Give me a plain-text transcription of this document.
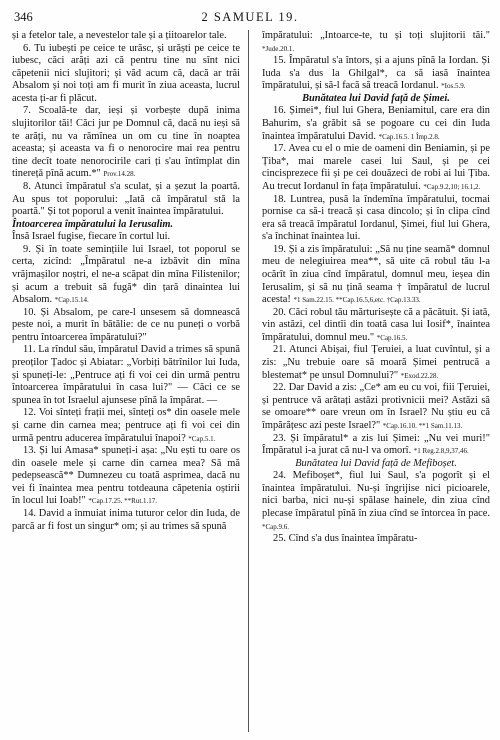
346	2 SAMUEL 19.

și a fetelor tale, a nevestelor tale și a țiitoarelor tale.

6. Tu iubești pe ceice te urăsc, și urăști pe ceice te iubesc, căci arăți azi că pentru tine nu sînt nici căpetenii nici slujitori; și văd acum că, dacă ar trăi Absalom și noi toți am fi murit în ziua aceasta, lucrul acesta ți-ar fi plăcut.

7. Scoală-te dar, ieși și vorbește după inima slujitorilor tăi! Căci jur pe Domnul că, dacă nu ieși să te arăți, nu va rămînea un om cu tine în noaptea aceasta; și aceasta va fi o nenorocire mai rea pentru tine decît toate nenorocirile cari ți s'au întîmplat din tinerețǎ pînă acum.*" Prov.14.28.

8. Atunci împăratul s'a sculat, și a șezut la poartă. Au spus tot poporului: „Iată că împăratul stă la poartă." Și tot poporul a venit înaintea împăratului.

Întoarcerea împăratului la Ierusalim.

Însă Israel fugise, fiecare în cortul lui.

9. Și în toate semințiile lui Israel, tot poporul se certa, zicînd: „Împăratul ne-a izbăvit din mîna vrăjmașilor noștri, el ne-a scăpat din mîna Filistenilor; și acum a trebuit să fugă* din țară dinaintea lui Absalom. *Cap.15.14.

10. Și Absalom, pe care-l unsesem să domnească peste noi, a murit în bătălie: de ce nu puneți o vorbă pentru întoarcerea împăratului?"

11. La rîndul său, împăratul David a trimes să spună preoților Țadoc și Abiatar: „Vorbiți bătrînilor lui Iuda, și spuneți-le: „Pentruce ați fi voi cei din urmă pentru întoarcerea împăratului în casa lui?" — Căci ce se spunea în tot Israelul ajunsese pînă la împărat. —

12. Voi sînteți frații mei, sînteți os* din oasele mele și carne din carnea mea; pentruce ați fi voi cei din urmă pentru aducerea împăratului înapoi? *Cap.5.1.

13. Și lui Amasa* spuneți-i așa: „Nu ești tu oare os din oasele mele și carne din carnea mea? Să mă pedepsească** Dumnezeu cu toată asprimea, dacă nu vei fi înaintea mea pentru totdeauna căpetenia oștirii în locul lui Ioab!" *Cap.17.25. **Rut.1.17.

14. David a înmuiat inima tuturor celor din Iuda, de parcă ar fi fost un singur* om; și au trimes să spună

împăratului: „Intoarce-te, tu și toți slujitorii tăi." *Jude.20.1.

15. Împăratul s'a întors, și a ajuns pînă la Iordan. Și Iuda s'a dus la Ghilgal*, ca să iasă înaintea împăratului, și să-l facă să treacă Iordanul. *Ios.5.9.

Bunătatea lui David față de Șimei.

16. Șimei*, fiul lui Ghera, Beniamitul, care era din Bahurim, s'a grăbit să se pogoare cu cei din Iuda înaintea împăratului David. *Cap.16.5. 1 Împ.2.8.

17. Avea cu el o mie de oameni din Beniamin, și pe Țiba*, mai marele casei lui Saul, și pe cei cincisprezece fii și pe cei douăzeci de robi ai lui Țiba. Au trecut Iordanul în fața împăratului. *Cap.9.2,10; 16.1,2.

18. Luntrea, pusă la îndemîna împăratului, tocmai pornise ca să-i treacă și casa dincolo; și în clipa cînd era să treacă împăratul Iordanul, Șimei, fiul lui Ghera, s'a închinat înaintea lui.

19. Și a zis împăratului: „Să nu ține seamă* domnul meu de nelegiuirea mea**, să uite că robul tău l-a ocărît în ziua cînd împăratul, domnul meu, ieșea din Ierusalim, și să nu țină seama † împăratul de lucrul acesta! *1 Sam.22.15. **Cap.16.5,6,etc. †Cap.13.33.

20. Căci robul tău mărturisește că a păcătuit. Și iată, vin astăzi, cel dintîi din toată casa lui Iosif*, înaintea împăratului, domnul meu." *Cap.16.5.

21. Atunci Abișai, fiul Țeruiei, a luat cuvîntul, și a zis: „Nu trebuie oare să moară Șimei pentrucă a blestemat* pe unsul Domnului?" *Exod.22.28.

22. Dar David a zis: „Ce* am eu cu voi, fiii Țeruiei, și pentruce vă arătați astăzi protivnicii mei? Astăzi să se omoare** oare vreun om în Israel? Nu știu eu că împărățesc azi peste Israel?" *Cap.16.10. **1 Sam.11.13.

23. Și împăratul* a zis lui Șimei: „Nu vei muri!" Împăratul i-a jurat că nu-l va omorî. *1 Reg.2.8,9,37,46.

Bunătatea lui David față de Mefiboșet.

24. Mefiboșet*, fiul lui Saul, s'a pogorît și el înaintea împăratului. Nu-și îngrijise nici picioarele, nici barba, nici nu-și spălase hainele, din ziua cînd plecase împăratul pînă în ziua cînd se întorcea în pace. *Cap.9.6.

25. Cînd s'a dus înaintea împăratu-
